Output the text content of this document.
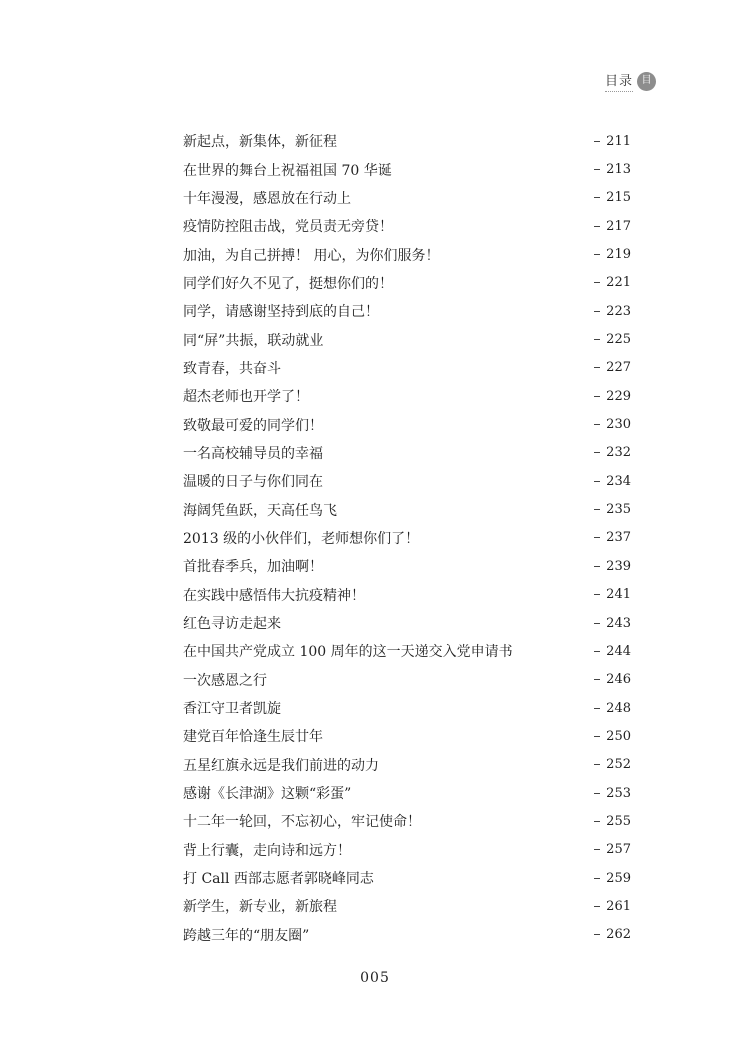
目录 目
新起点，新集体，新征程	211
在世界的舞台上祝福祖国 70 华诞	213
十年漫漫，感恩放在行动上	215
疫情防控阻击战，党员责无旁贷！	217
加油，为自己拼搏！ 用心，为你们服务！	219
同学们好久不见了，挺想你们的！	221
同学，请感谢坚持到底的自己！	223
同“屏”共振，联动就业	225
致青春，共奋斗	227
超杰老师也开学了！	229
致敬最可爱的同学们！	230
一名高校辅导员的幸福	232
温暖的日子与你们同在	234
海阔凭鱼跃，天高任鸟飞	235
2013 级的小伙伴们，老师想你们了！	237
首批春季兵，加油啊！	239
在实践中感悟伟大抗疫精神！	241
红色寻访走起来	243
在中国共产党成立 100 周年的这一天递交入党申请书	244
一次感恩之行	246
香江守卫者凯旋	248
建党百年恰逢生辰廿年	250
五星红旗永远是我们前进的动力	252
感谢《长津湖》这颗“彩蛋”	253
十二年一轮回，不忘初心，牢记使命！	255
背上行囊，走向诗和远方！	257
打 Call 西部志愿者郭晓峰同志	259
新学生，新专业，新旅程	261
跨越三年的“朋友圈”	262
005
